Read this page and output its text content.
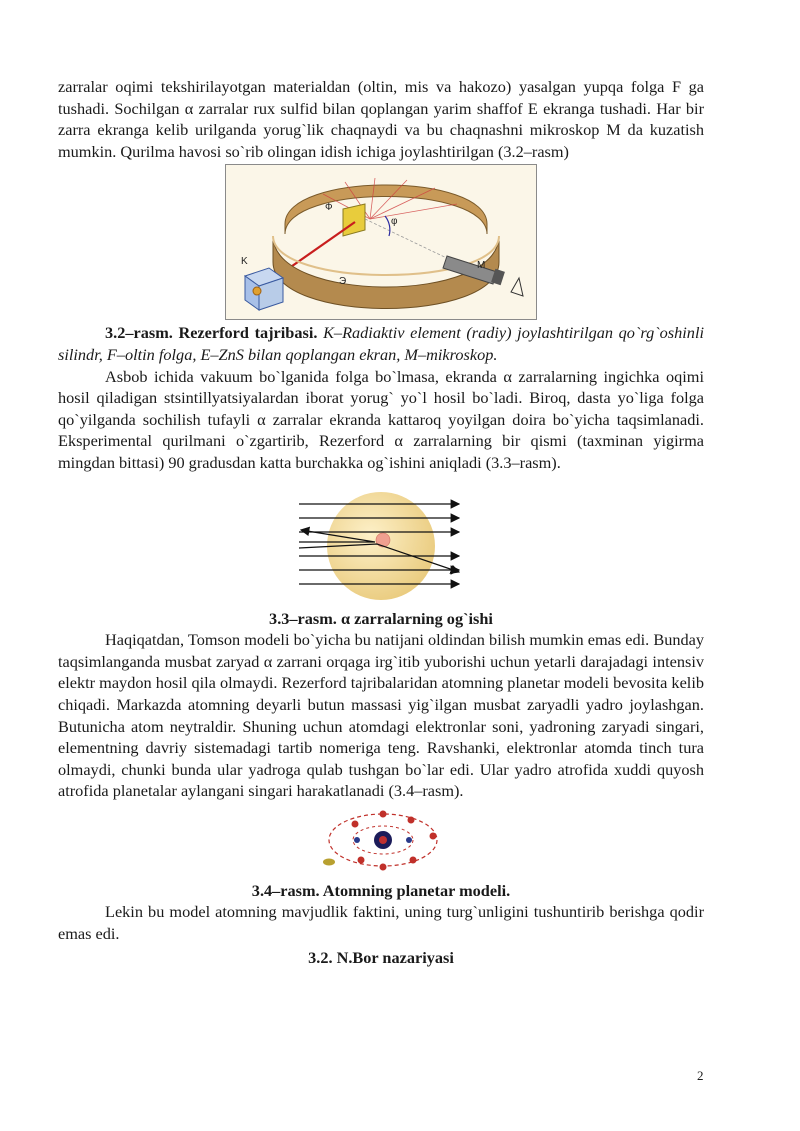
zarralar oqimi tekshirilayotgan materialdan (oltin, mis va hakozo) yasalgan yupqa folga F ga tushadi. Sochilgan α zarralar rux sulfid bilan qoplangan yarim shaffof E ekranga tushadi. Har bir zarra ekranga kelib urilganda yorug`lik chaqnaydi va bu chaqnashni mikroskop M da kuzatish mumkin. Qurilma havosi so`rib olingan idish ichiga joylashtirilgan (3.2–rasm)

Ф
φ
K
Э
M

3.2–rasm. Rezerford tajribasi. K–Radiaktiv element (radiy) joylashtirilgan qo`rg`oshinli silindr, F–oltin folga, E–ZnS bilan qoplangan ekran, M–mikroskop.

Asbob ichida vakuum bo`lganida folga bo`lmasa, ekranda α zarralarning ingichka oqimi hosil qiladigan stsintillyatsiyalardan iborat yorug` yo`l hosil bo`ladi. Biroq, dasta yo`liga folga qo`yilganda sochilish tufayli α zarralar ekranda kattaroq yoyilgan doira bo`yicha taqsimlanadi. Eksperimental qurilmani o`zgartirib, Rezerford α zarralarning bir qismi (taxminan yigirma mingdan bittasi) 90 gradusdan katta burchakka og`ishini aniqladi (3.3–rasm).

3.3–rasm. α zarralarning og`ishi

Haqiqatdan, Tomson modeli bo`yicha bu natijani oldindan bilish mumkin emas edi. Bunday taqsimlanganda musbat zaryad α zarrani orqaga irg`itib yuborishi uchun yetarli darajadagi intensiv elektr maydon hosil qila olmaydi. Rezerford tajribalaridan atomning planetar modeli bevosita kelib chiqadi. Markazda atomning deyarli butun massasi yig`ilgan musbat zaryadli yadro joylashgan. Butunicha atom neytraldir. Shuning uchun atomdagi elektronlar soni, yadroning zaryadi singari, elementning davriy sistemadagi tartib nomeriga teng. Ravshanki, elektronlar atomda tinch tura olmaydi, chunki bunda ular yadroga qulab tushgan bo`lar edi. Ular yadro atrofida xuddi quyosh atrofida planetalar aylangani singari harakatlanadi (3.4–rasm).

3.4–rasm. Atomning planetar modeli.

Lekin bu model atomning mavjudlik faktini, uning turg`unligini tushuntirib berishga qodir emas edi.

3.2. N.Bor nazariyasi

2
